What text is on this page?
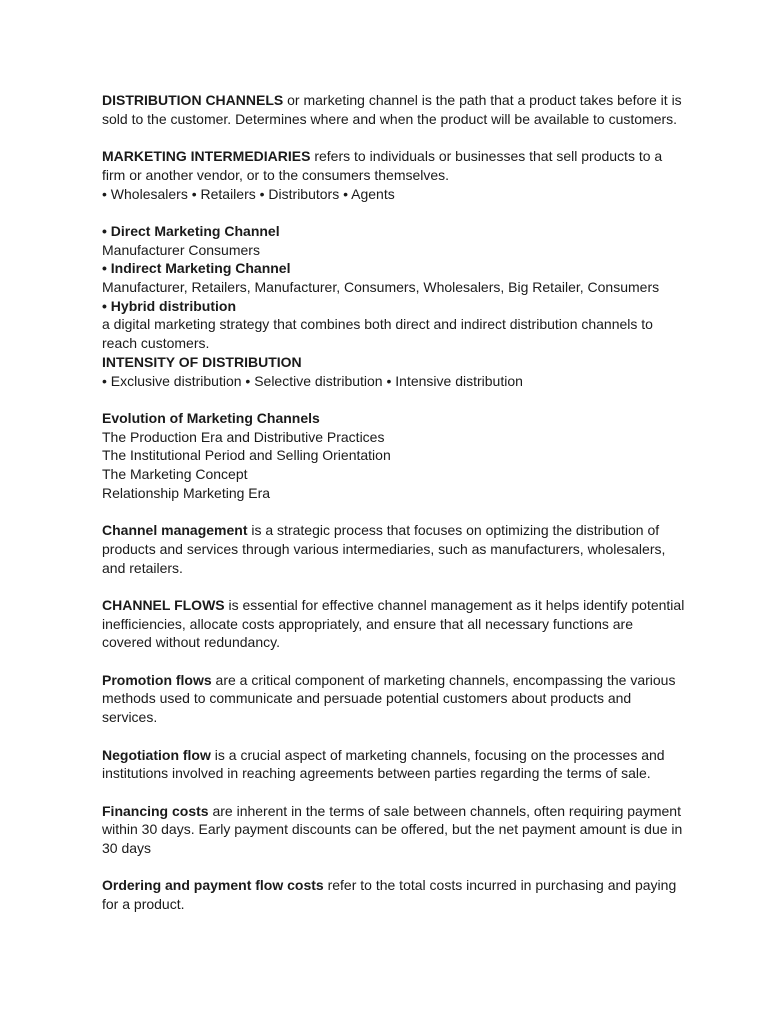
DISTRIBUTION CHANNELS or marketing channel is the path that a product takes before it is
sold to the customer. Determines where and when the product will be available to customers.
MARKETING INTERMEDIARIES refers to individuals or businesses that sell products to a
firm or another vendor, or to the consumers themselves.
• Wholesalers • Retailers • Distributors • Agents
• Direct Marketing Channel
Manufacturer Consumers
• Indirect Marketing Channel
Manufacturer, Retailers, Manufacturer, Consumers, Wholesalers, Big Retailer, Consumers
• Hybrid distribution
a digital marketing strategy that combines both direct and indirect distribution channels to
reach customers.
INTENSITY OF DISTRIBUTION
• Exclusive distribution • Selective distribution • Intensive distribution
Evolution of Marketing Channels
The Production Era and Distributive Practices
The Institutional Period and Selling Orientation
The Marketing Concept
Relationship Marketing Era
Channel management is a strategic process that focuses on optimizing the distribution of
products and services through various intermediaries, such as manufacturers, wholesalers,
and retailers.
CHANNEL FLOWS is essential for effective channel management as it helps identify potential
inefficiencies, allocate costs appropriately, and ensure that all necessary functions are
covered without redundancy.
Promotion flows are a critical component of marketing channels, encompassing the various
methods used to communicate and persuade potential customers about products and
services.
Negotiation flow is a crucial aspect of marketing channels, focusing on the processes and
institutions involved in reaching agreements between parties regarding the terms of sale.
Financing costs are inherent in the terms of sale between channels, often requiring payment
within 30 days. Early payment discounts can be offered, but the net payment amount is due in
30 days
Ordering and payment flow costs refer to the total costs incurred in purchasing and paying
for a product.
